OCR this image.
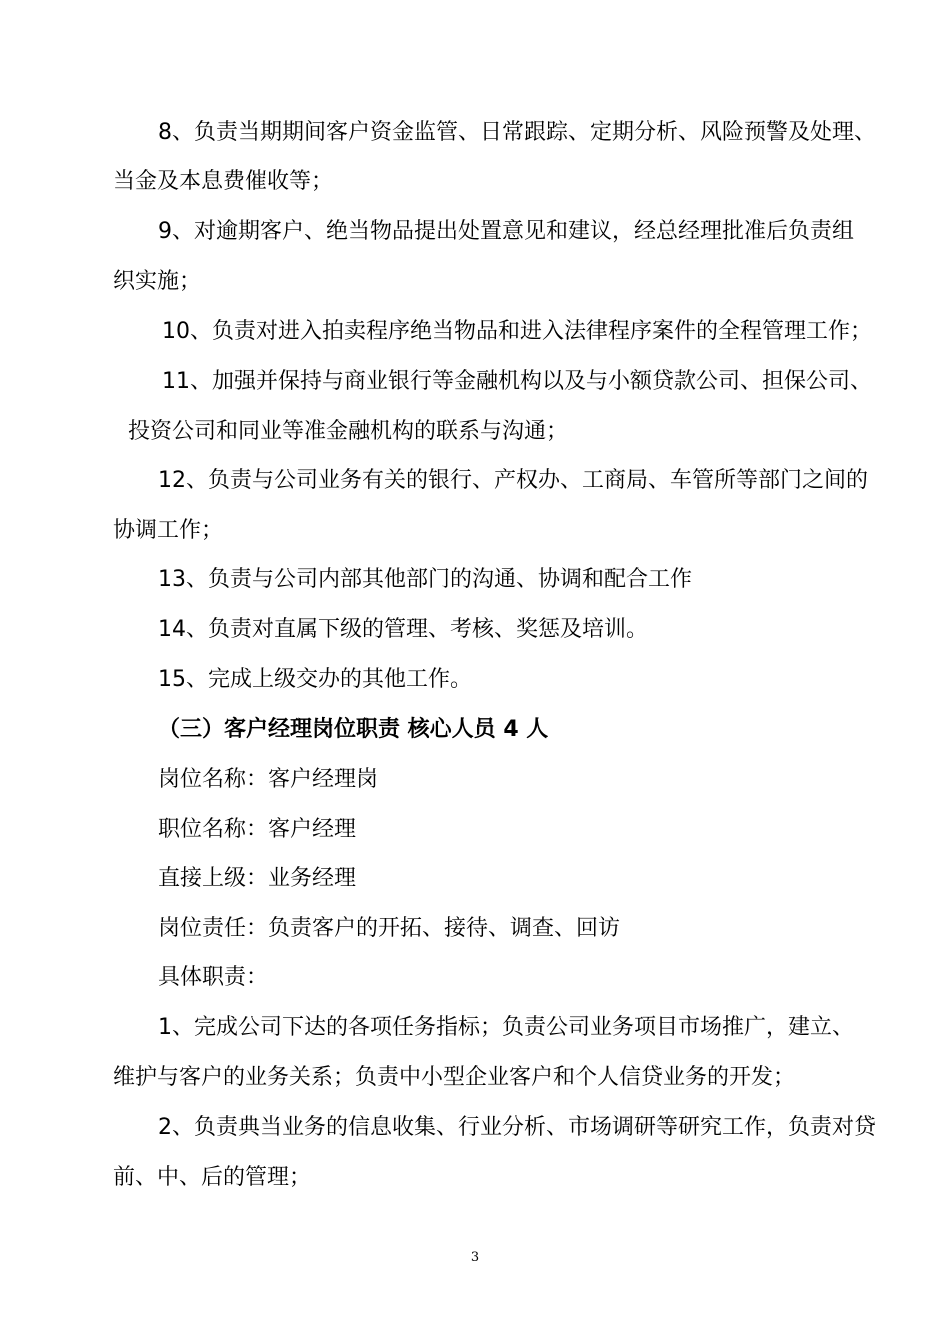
8、负责当期期间客户资金监管、日常跟踪、定期分析、风险预警及处理、
当金及本息费催收等；
9、对逾期客户、绝当物品提出处置意见和建议，经总经理批准后负责组
织实施；
10、负责对进入拍卖程序绝当物品和进入法律程序案件的全程管理工作；
11、加强并保持与商业银行等金融机构以及与小额贷款公司、担保公司、
投资公司和同业等准金融机构的联系与沟通；
12、负责与公司业务有关的银行、产权办、工商局、车管所等部门之间的
协调工作；
13、负责与公司内部其他部门的沟通、协调和配合工作
14、负责对直属下级的管理、考核、奖惩及培训。
15、完成上级交办的其他工作。
（三）客户经理岗位职责 核心人员 4 人
岗位名称：客户经理岗
职位名称：客户经理
直接上级：业务经理
岗位责任：负责客户的开拓、接待、调查、回访
具体职责：
1、完成公司下达的各项任务指标；负责公司业务项目市场推广，建立、
维护与客户的业务关系；负责中小型企业客户和个人信贷业务的开发；
2、负责典当业务的信息收集、行业分析、市场调研等研究工作，负责对贷
前、中、后的管理；
3
